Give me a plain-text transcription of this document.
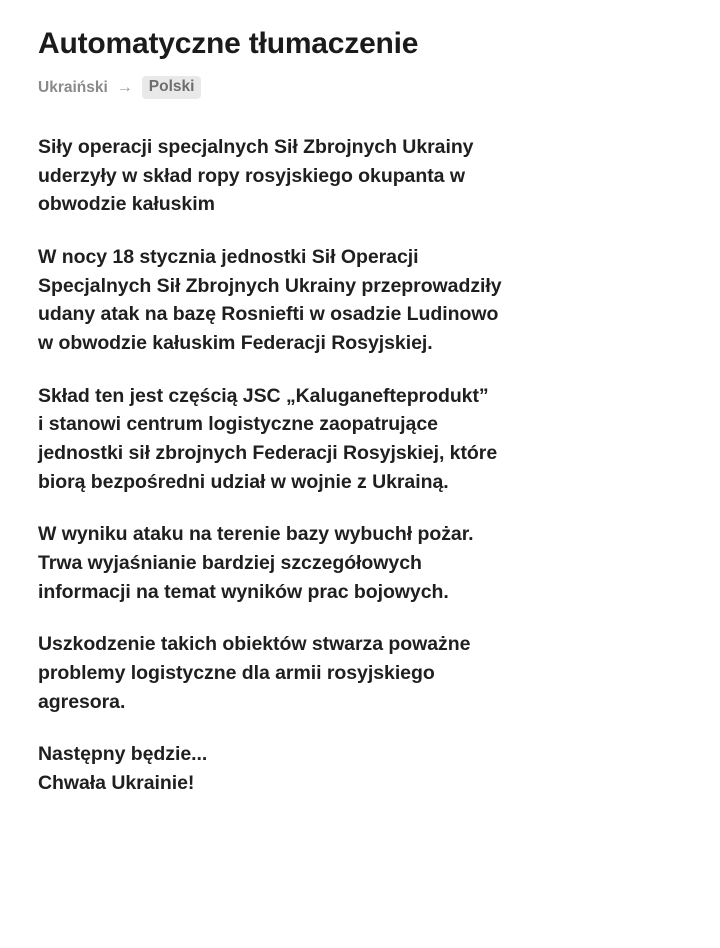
Automatyczne tłumaczenie
Ukraiński →	Polski

Siły operacji specjalnych Sił Zbrojnych Ukrainy
uderzyły w skład ropy rosyjskiego okupanta w
obwodzie kałuskim

W nocy 18 stycznia jednostki Sił Operacji
Specjalnych Sił Zbrojnych Ukrainy przeprowadziły
udany atak na bazę Rosniefti w osadzie Ludinowo
w obwodzie kałuskim Federacji Rosyjskiej.

Skład ten jest częścią JSC „Kaluganefteprodukt”
i stanowi centrum logistyczne zaopatrujące
jednostki sił zbrojnych Federacji Rosyjskiej, które
biorą bezpośredni udział w wojnie z Ukrainą.

W wyniku ataku na terenie bazy wybuchł pożar.
Trwa wyjaśnianie bardziej szczegółowych
informacji na temat wyników prac bojowych.

Uszkodzenie takich obiektów stwarza poważne
problemy logistyczne dla armii rosyjskiego
agresora.

Następny będzie...
Chwała Ukrainie!
